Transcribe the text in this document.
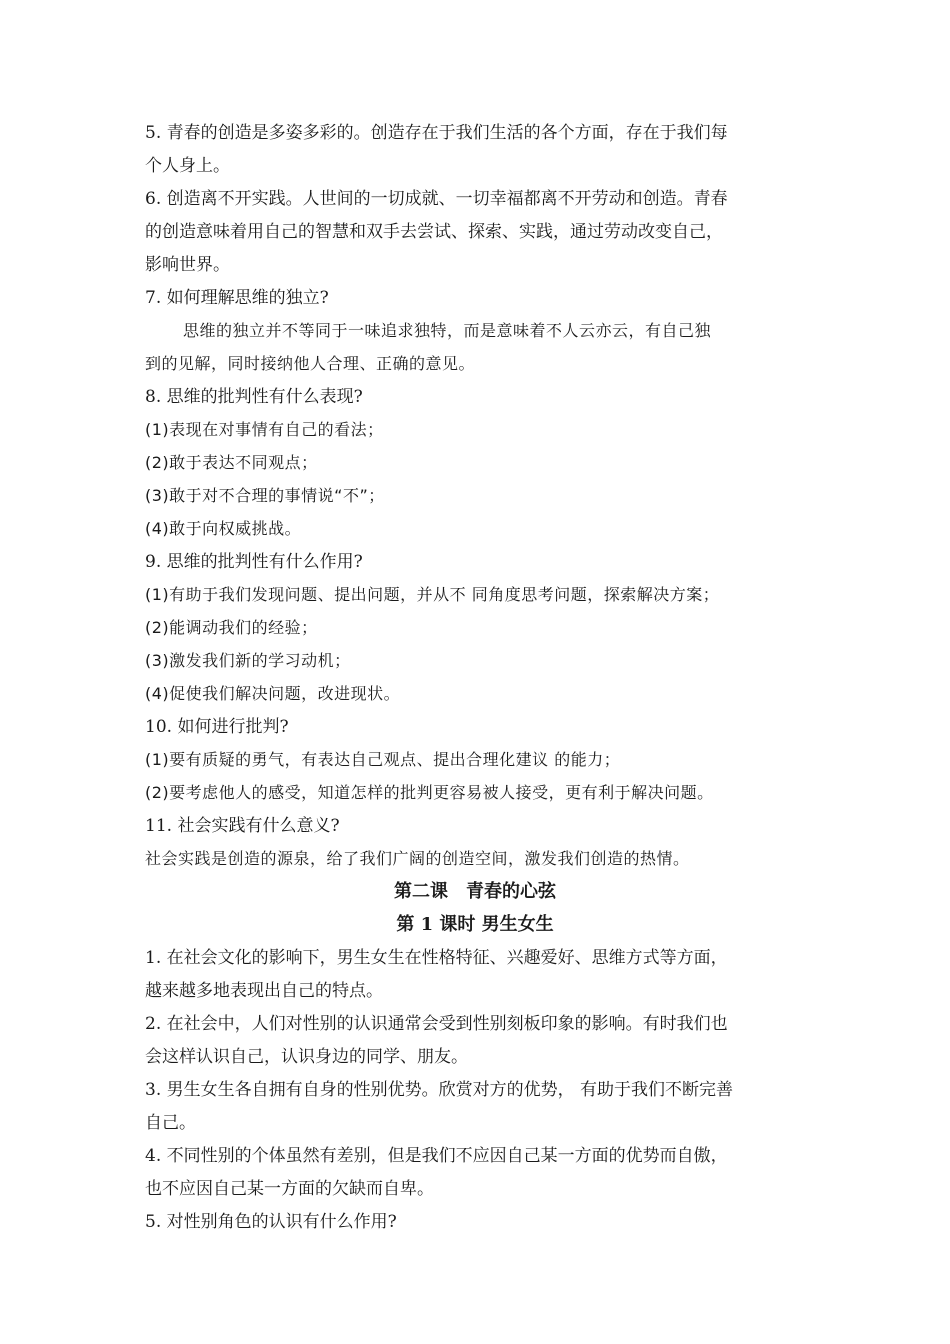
5. 青春的创造是多姿多彩的。创造存在于我们生活的各个方面，存在于我们每
个人身上。
6. 创造离不开实践。人世间的一切成就、一切幸福都离不开劳动和创造。青春
的创造意味着用自己的智慧和双手去尝试、探索、实践，通过劳动改变自己，
影响世界。
7. 如何理解思维的独立?
思维的独立并不等同于一味追求独特，而是意味着不人云亦云，有自己独
到的见解，同时接纳他人合理、正确的意见。
8. 思维的批判性有什么表现?
(1)表现在对事情有自己的看法；
(2)敢于表达不同观点；
(3)敢于对不合理的事情说“不”；
(4)敢于向权威挑战。
9. 思维的批判性有什么作用?
(1)有助于我们发现问题、提出问题，并从不 同角度思考问题，探索解决方案；
(2)能调动我们的经验；
(3)激发我们新的学习动机；
(4)促使我们解决问题，改进现状。
10. 如何进行批判?
(1)要有质疑的勇气，有表达自己观点、提出合理化建议 的能力；
(2)要考虑他人的感受，知道怎样的批判更容易被人接受，更有利于解决问题。
11. 社会实践有什么意义?
社会实践是创造的源泉，给了我们广阔的创造空间，激发我们创造的热情。
第二课　青春的心弦
第 1 课时 男生女生
1. 在社会文化的影响下，男生女生在性格特征、兴趣爱好、思维方式等方面，
越来越多地表现出自己的特点。
2. 在社会中，人们对性别的认识通常会受到性别刻板印象的影响。有时我们也
会这样认识自己，认识身边的同学、朋友。
3. 男生女生各自拥有自身的性别优势。欣赏对方的优势， 有助于我们不断完善
自己。
4. 不同性别的个体虽然有差别，但是我们不应因自己某一方面的优势而自傲，
也不应因自己某一方面的欠缺而自卑。
5. 对性别角色的认识有什么作用?
